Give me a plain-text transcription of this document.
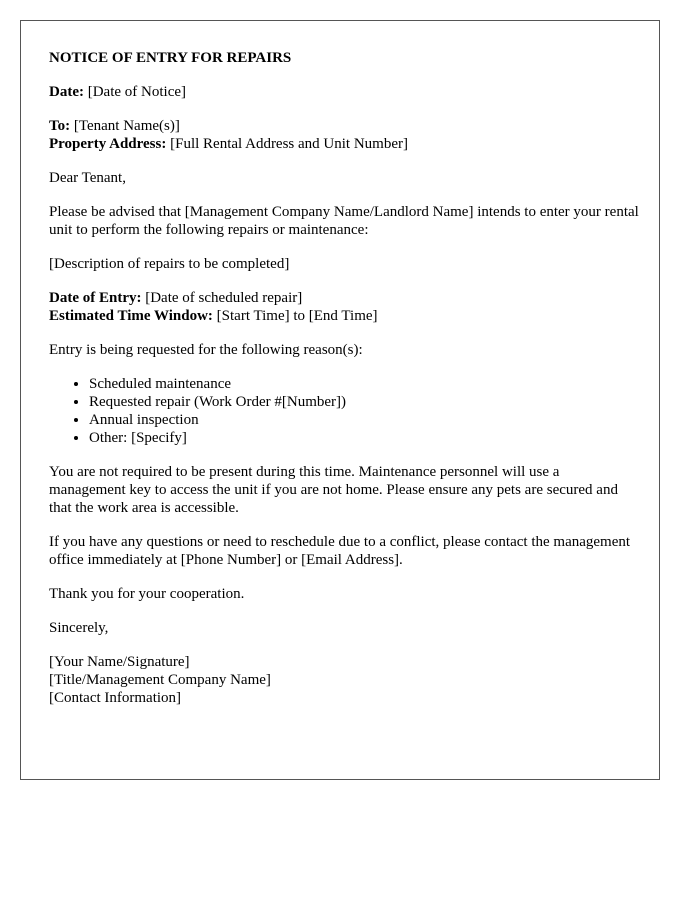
NOTICE OF ENTRY FOR REPAIRS

Date: [Date of Notice]

To: [Tenant Name(s)]
Property Address: [Full Rental Address and Unit Number]

Dear Tenant,

Please be advised that [Management Company Name/Landlord Name] intends to enter your rental unit to perform the following repairs or maintenance:

[Description of repairs to be completed]

Date of Entry: [Date of scheduled repair]
Estimated Time Window: [Start Time] to [End Time]

Entry is being requested for the following reason(s):

• Scheduled maintenance
• Requested repair (Work Order #[Number])
• Annual inspection
• Other: [Specify]

You are not required to be present during this time. Maintenance personnel will use a management key to access the unit if you are not home. Please ensure any pets are secured and that the work area is accessible.

If you have any questions or need to reschedule due to a conflict, please contact the management office immediately at [Phone Number] or [Email Address].

Thank you for your cooperation.

Sincerely,

[Your Name/Signature]
[Title/Management Company Name]
[Contact Information]
